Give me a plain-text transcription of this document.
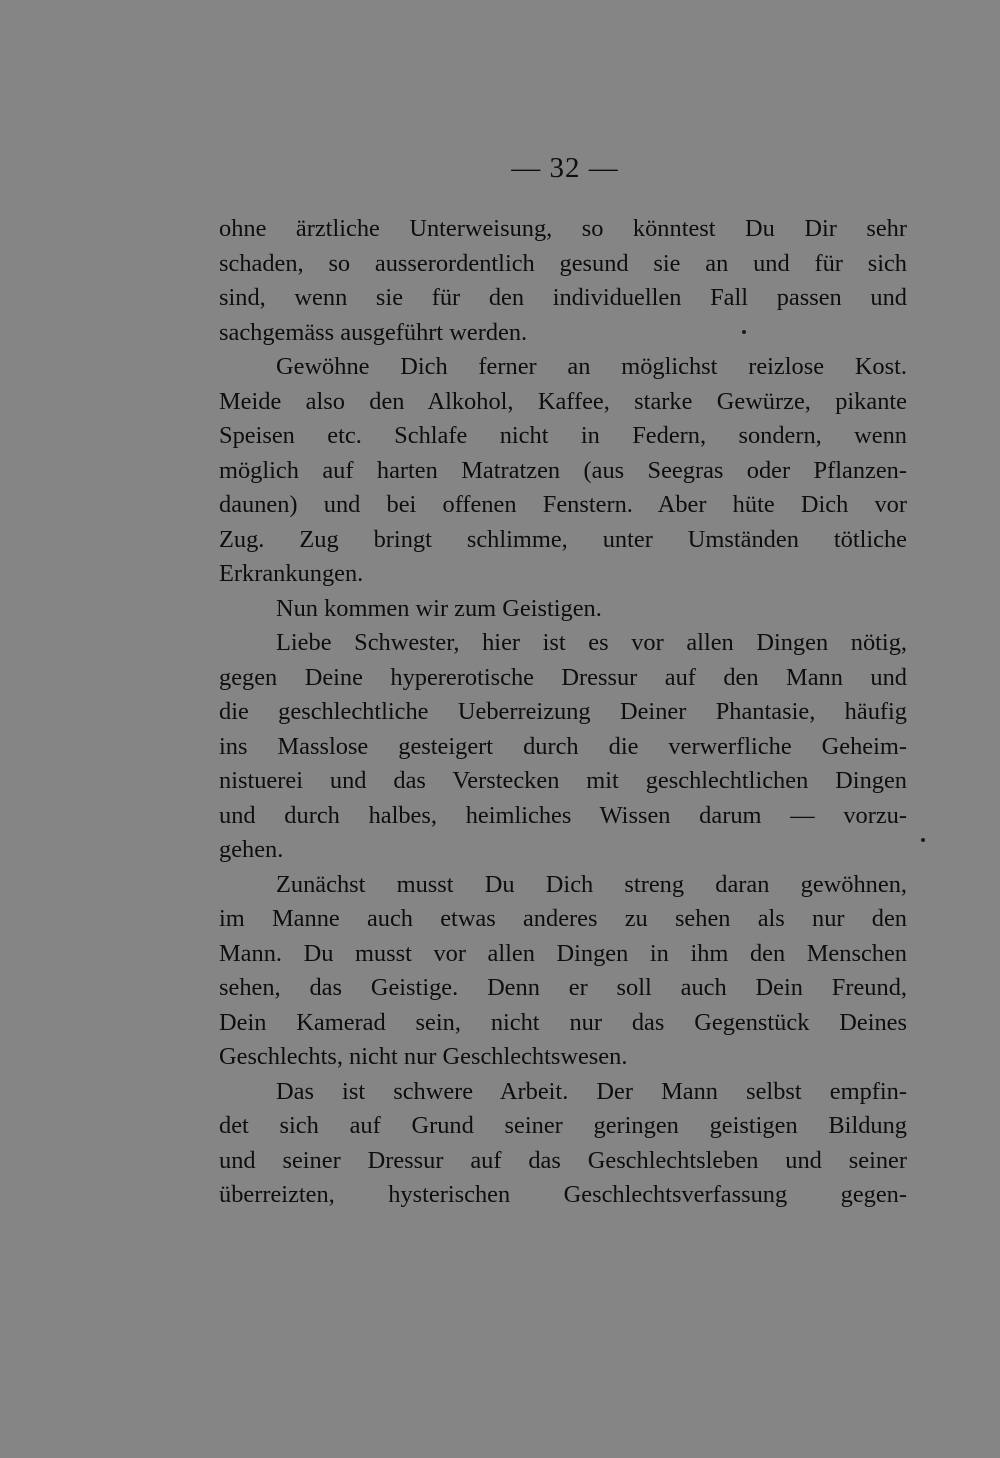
— 32 —
ohne ärztliche Unterweisung, so könntest Du Dir sehr
schaden, so ausserordentlich gesund sie an und für sich
sind, wenn sie für den individuellen Fall passen und
sachgemäss ausgeführt werden.
Gewöhne Dich ferner an möglichst reizlose Kost.
Meide also den Alkohol, Kaffee, starke Gewürze, pikante
Speisen etc. Schlafe nicht in Federn, sondern, wenn
möglich auf harten Matratzen (aus Seegras oder Pflanzen-
daunen) und bei offenen Fenstern. Aber hüte Dich vor
Zug. Zug bringt schlimme, unter Umständen tötliche
Erkrankungen.
Nun kommen wir zum Geistigen.
Liebe Schwester, hier ist es vor allen Dingen nötig,
gegen Deine hypererotische Dressur auf den Mann und
die geschlechtliche Ueberreizung Deiner Phantasie, häufig
ins Masslose gesteigert durch die verwerfliche Geheim-
nistuerei und das Verstecken mit geschlechtlichen Dingen
und durch halbes, heimliches Wissen darum — vorzu-
gehen.
Zunächst musst Du Dich streng daran gewöhnen,
im Manne auch etwas anderes zu sehen als nur den
Mann. Du musst vor allen Dingen in ihm den Menschen
sehen, das Geistige. Denn er soll auch Dein Freund,
Dein Kamerad sein, nicht nur das Gegenstück Deines
Geschlechts, nicht nur Geschlechtswesen.
Das ist schwere Arbeit. Der Mann selbst empfin-
det sich auf Grund seiner geringen geistigen Bildung
und seiner Dressur auf das Geschlechtsleben und seiner
überreizten, hysterischen Geschlechtsverfassung gegen-
